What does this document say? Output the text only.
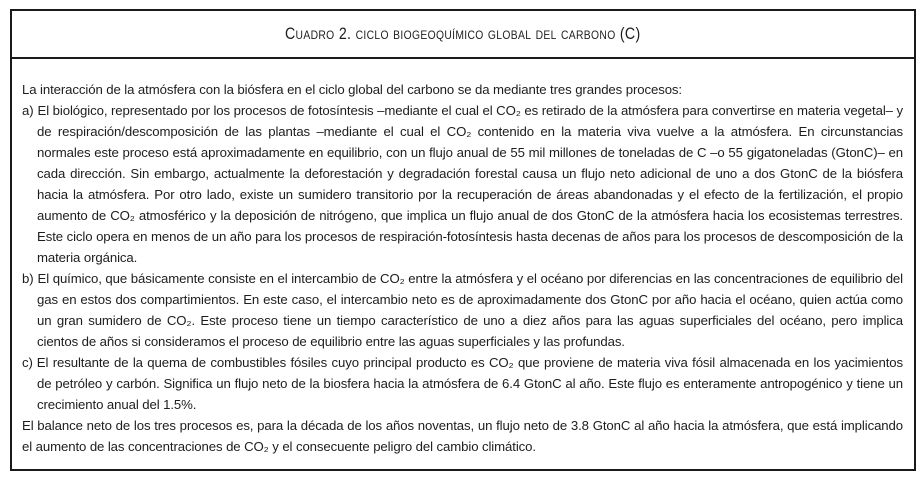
Cuadro 2. ciclo biogeoquímico global del carbono (C)

La interacción de la atmósfera con la biósfera en el ciclo global del carbono se da mediante tres grandes procesos:

a) El biológico, representado por los procesos de fotosíntesis –mediante el cual el CO₂ es retirado de la atmósfera para convertirse en materia vegetal– y de respiración/descomposición de las plantas –mediante el cual el CO₂ contenido en la materia viva vuelve a la atmósfera. En circunstancias normales este proceso está aproximadamente en equilibrio, con un flujo anual de 55 mil millones de toneladas de C –o 55 gigatoneladas (GtonC)– en cada dirección. Sin embargo, actualmente la deforestación y degradación forestal causa un flujo neto adicional de uno a dos GtonC de la biósfera hacia la atmósfera. Por otro lado, existe un sumidero transitorio por la recuperación de áreas abandonadas y el efecto de la fertilización, el propio aumento de CO₂ atmosférico y la deposición de nitrógeno, que implica un flujo anual de dos GtonC de la atmósfera hacia los ecosistemas terrestres. Este ciclo opera en menos de un año para los procesos de respiración-fotosíntesis hasta decenas de años para los procesos de descomposición de la materia orgánica.

b) El químico, que básicamente consiste en el intercambio de CO₂ entre la atmósfera y el océano por diferencias en las concentraciones de equilibrio del gas en estos dos compartimientos. En este caso, el intercambio neto es de aproximadamente dos GtonC por año hacia el océano, quien actúa como un gran sumidero de CO₂. Este proceso tiene un tiempo característico de uno a diez años para las aguas superficiales del océano, pero implica cientos de años si consideramos el proceso de equilibrio entre las aguas superficiales y las profundas.

c) El resultante de la quema de combustibles fósiles cuyo principal producto es CO₂ que proviene de materia viva fósil almacenada en los yacimientos de petróleo y carbón. Significa un flujo neto de la biosfera hacia la atmósfera de 6.4 GtonC al año. Este flujo es enteramente antropogénico y tiene un crecimiento anual del 1.5%.

El balance neto de los tres procesos es, para la década de los años noventas, un flujo neto de 3.8 GtonC al año hacia la atmósfera, que está implicando el aumento de las concentraciones de CO₂ y el consecuente peligro del cambio climático.
